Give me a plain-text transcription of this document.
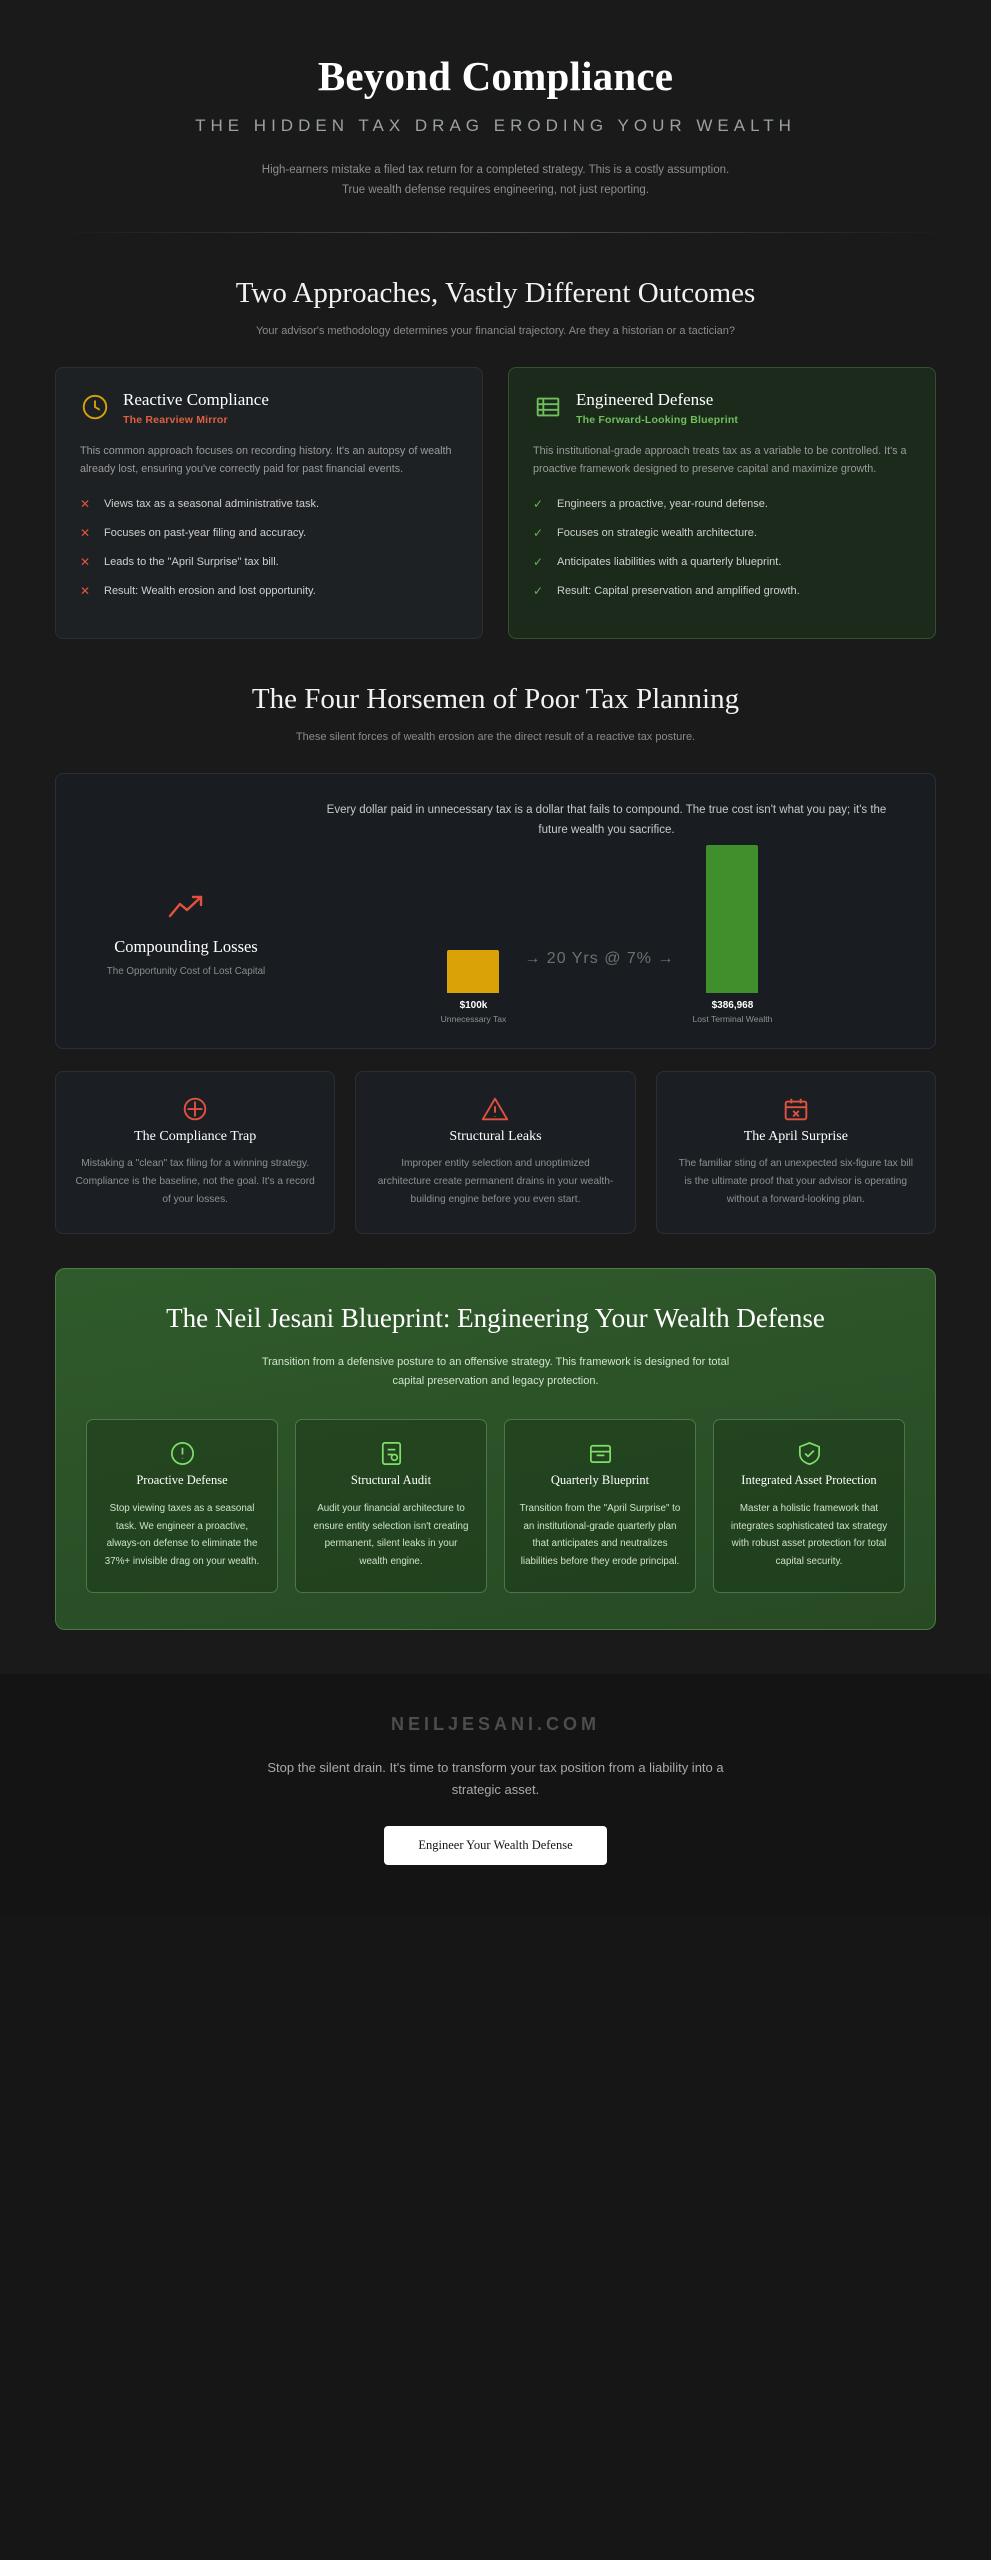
Beyond Compliance
THE HIDDEN TAX DRAG ERODING YOUR WEALTH
High-earners mistake a filed tax return for a completed strategy. This is a costly assumption. True wealth defense requires engineering, not just reporting.
Two Approaches, Vastly Different Outcomes

Your advisor's methodology determines your financial trajectory. Are they a historian or a tactician?

Reactive Compliance
The Rearview Mirror
This common approach focuses on recording history. It's an autopsy of wealth already lost, ensuring you've correctly paid for past financial events.
✕ Views tax as a seasonal administrative task.
✕ Focuses on past-year filing and accuracy.
✕ Leads to the "April Surprise" tax bill.
✕ Result: Wealth erosion and lost opportunity.
Engineered Defense
The Forward-Looking Blueprint
This institutional-grade approach treats tax as a variable to be controlled. It's a proactive framework designed to preserve capital and maximize growth.
✓ Engineers a proactive, year-round defense.
✓ Focuses on strategic wealth architecture.
✓ Anticipates liabilities with a quarterly blueprint.
✓ Result: Capital preservation and amplified growth.
The Four Horsemen of Poor Tax Planning

These silent forces of wealth erosion are the direct result of a reactive tax posture.

Compounding Losses
The Opportunity Cost of Lost Capital
Every dollar paid in unnecessary tax is a dollar that fails to compound. The true cost isn't what you pay; it's the future wealth you sacrifice.
$100k
Unnecessary Tax
→ 20 Yrs @ 7% →
$386,968
Lost Terminal Wealth
The Compliance Trap

Mistaking a "clean" tax filing for a winning strategy. Compliance is the baseline, not the goal. It's a record of your losses.

Structural Leaks

Improper entity selection and unoptimized architecture create permanent drains in your wealth-building engine before you even start.

The April Surprise

The familiar sting of an unexpected six-figure tax bill is the ultimate proof that your advisor is operating without a forward-looking plan.

The Neil Jesani Blueprint: Engineering Your Wealth Defense
Transition from a defensive posture to an offensive strategy. This framework is designed for total capital preservation and legacy protection.
Proactive Defense

Stop viewing taxes as a seasonal task. We engineer a proactive, always-on defense to eliminate the 37%+ invisible drag on your wealth.

Structural Audit

Audit your financial architecture to ensure entity selection isn't creating permanent, silent leaks in your wealth engine.

Quarterly Blueprint

Transition from the "April Surprise" to an institutional-grade quarterly plan that anticipates and neutralizes liabilities before they erode principal.

Integrated Asset Protection

Master a holistic framework that integrates sophisticated tax strategy with robust asset protection for total capital security.

NEILJESANI.COM
Stop the silent drain. It's time to transform your tax position from a liability into a strategic asset.
Engineer Your Wealth Defense
